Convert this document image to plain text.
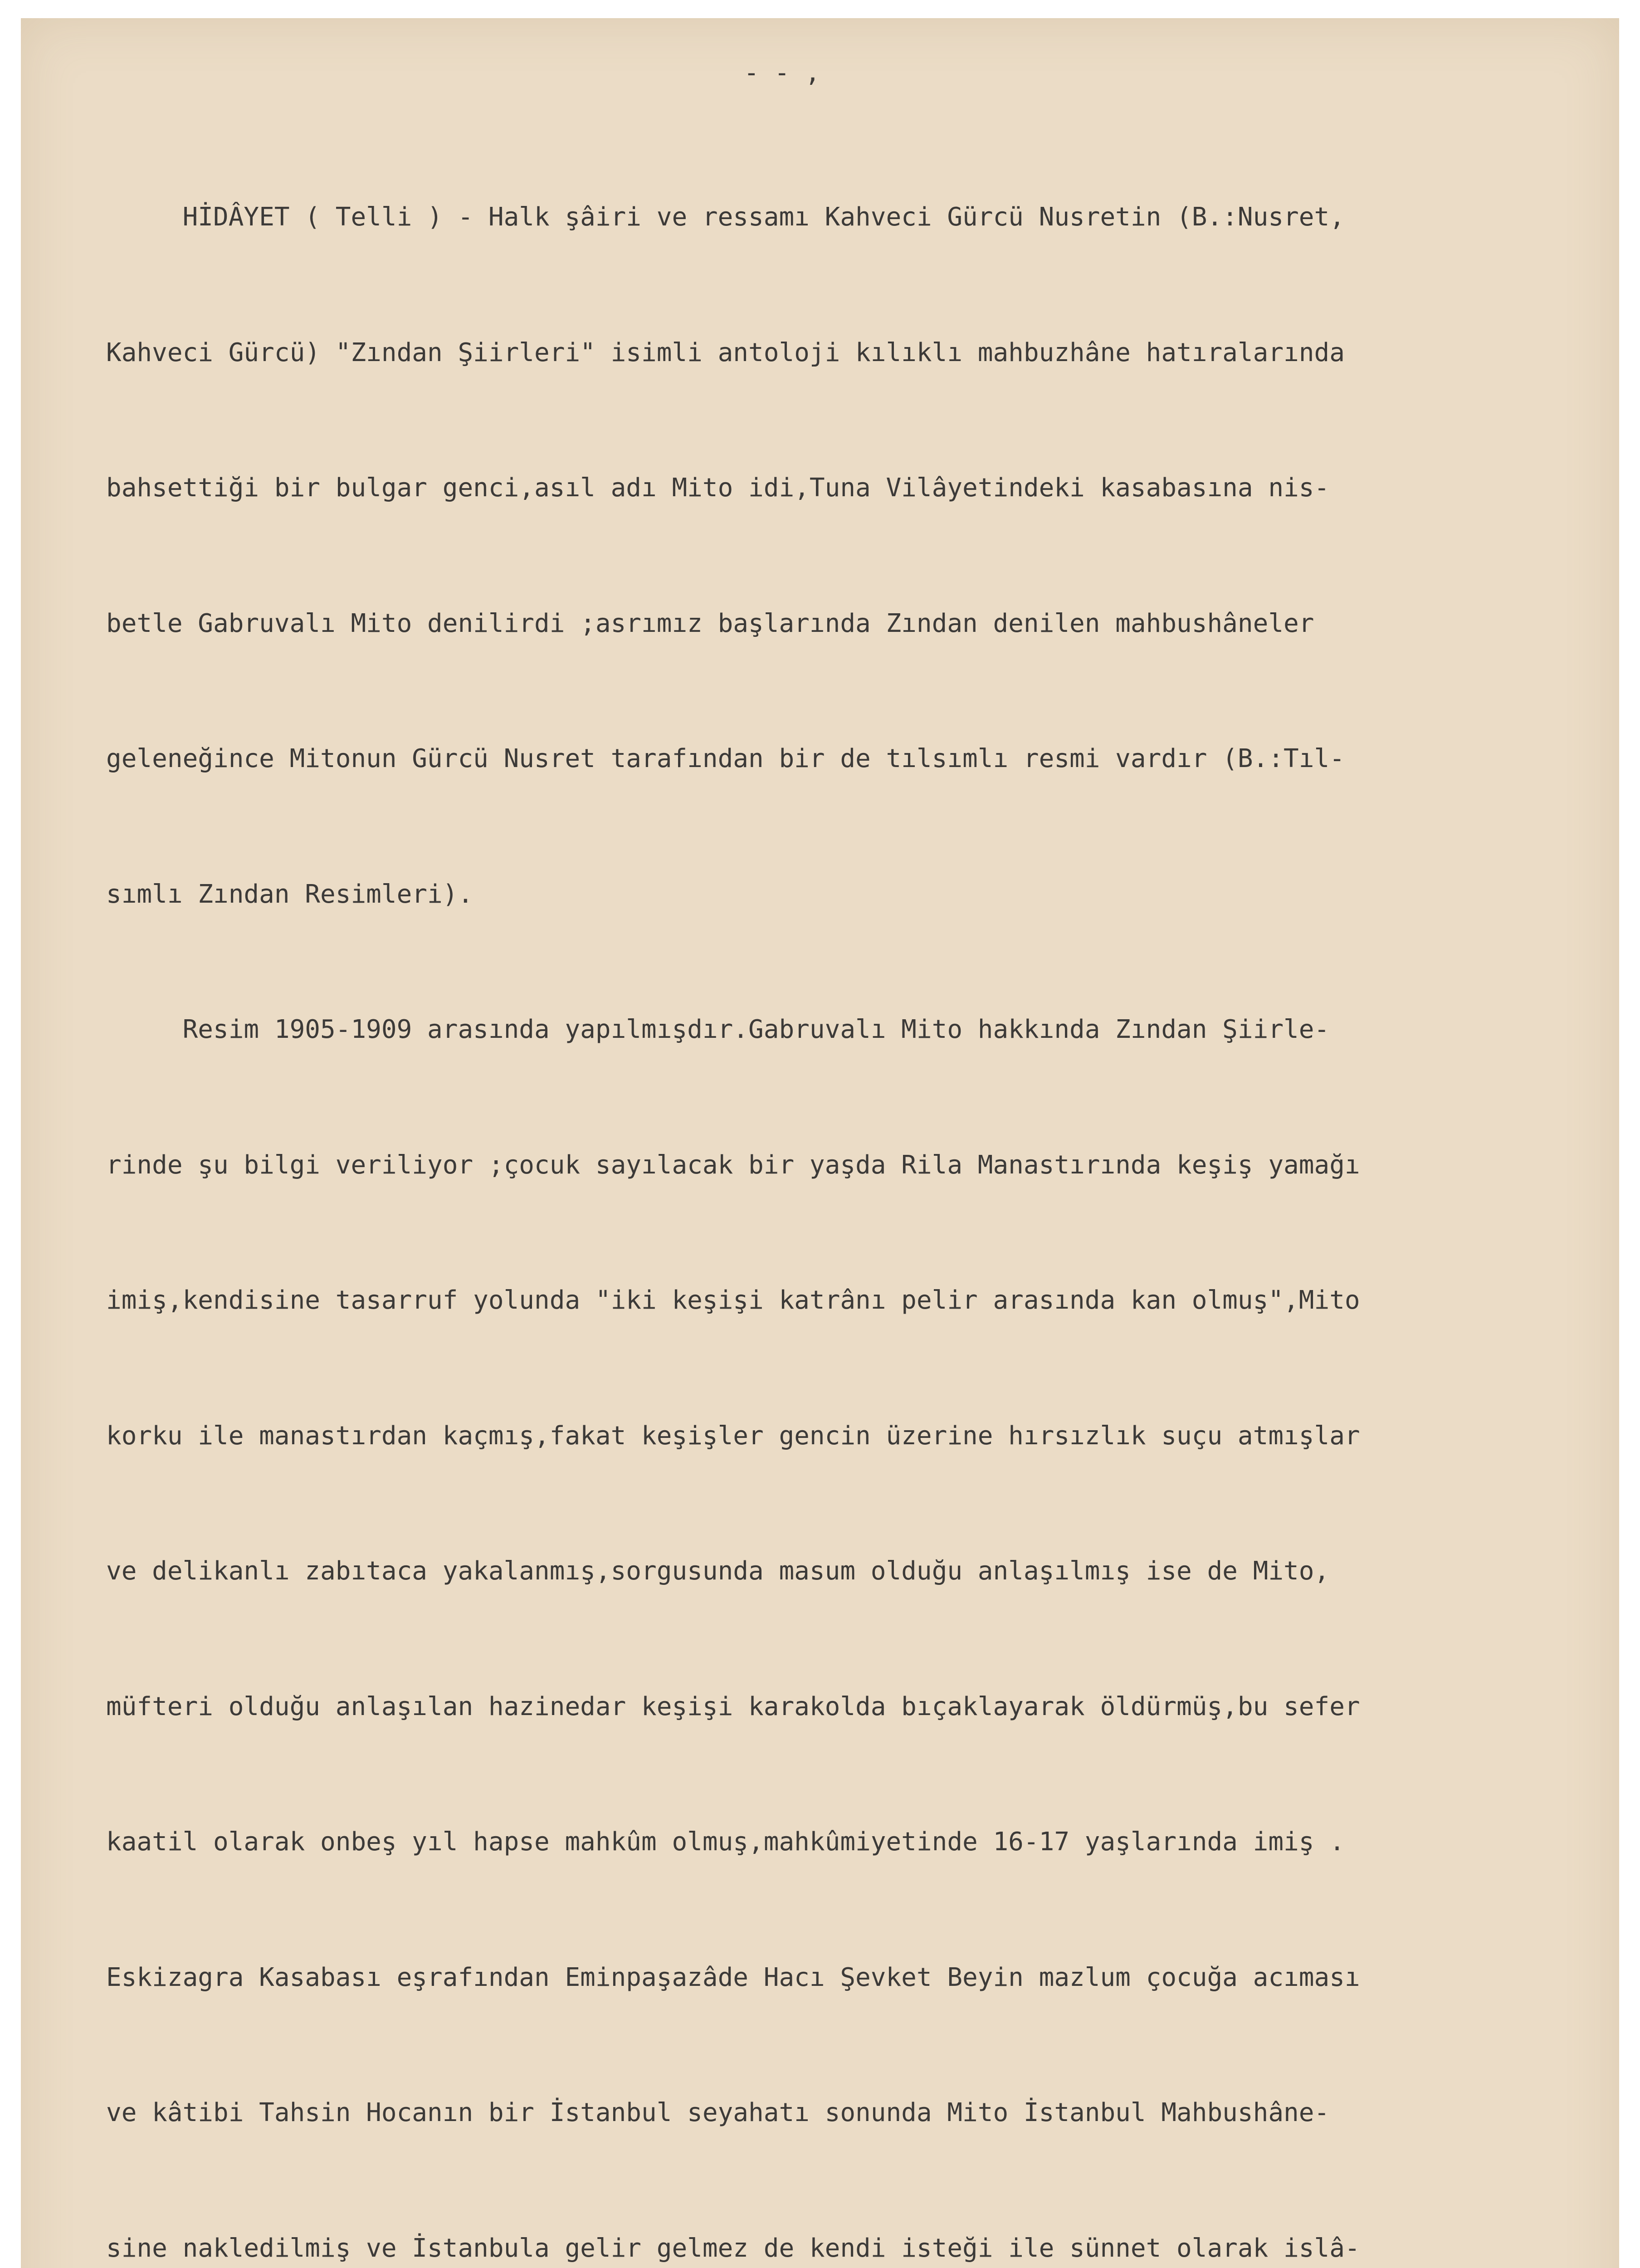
- - ,

HİDÂYET ( Telli ) - Halk şâiri ve ressamı Kahveci Gürcü Nusretin (B.:Nusret,

Kahveci Gürcü) "Zından Şiirleri" isimli antoloji kılıklı mahbuzhâne hatıralarında

bahsettiği bir bulgar genci,asıl adı Mito idi,Tuna Vilâyetindeki kasabasına nis-

betle Gabruvalı Mito denilirdi ;asrımız başlarında Zından denilen mahbushâneler

geleneğince Mitonun Gürcü Nusret tarafından bir de tılsımlı resmi vardır (B.:Tıl-

sımlı Zından Resimleri).

Resim 1905-1909 arasında yapılmışdır.Gabruvalı Mito hakkında Zından Şiirle-

rinde şu bilgi veriliyor ;çocuk sayılacak bir yaşda Rila Manastırında keşiş yamağı

imiş,kendisine tasarruf yolunda "iki keşişi katrânı pelir arasında kan olmuş",Mito

korku ile manastırdan kaçmış,fakat keşişler gencin üzerine hırsızlık suçu atmışlar

ve delikanlı zabıtaca yakalanmış,sorgusunda masum olduğu anlaşılmış ise de Mito,

müfteri olduğu anlaşılan hazinedar keşişi karakolda bıçaklayarak öldürmüş,bu sefer

kaatil olarak onbeş yıl hapse mahkûm olmuş,mahkûmiyetinde 16-17 yaşlarında imiş .

Eskizagra Kasabası eşrafından Eminpaşazâde Hacı Şevket Beyin mazlum çocuğa acıması

ve kâtibi Tahsin Hocanın bir İstanbul seyahatı sonunda Mito İstanbul Mahbushâne-

sine nakledilmiş ve İstanbula gelir gelmez de kendi isteği ile sünnet olarak islâ-
